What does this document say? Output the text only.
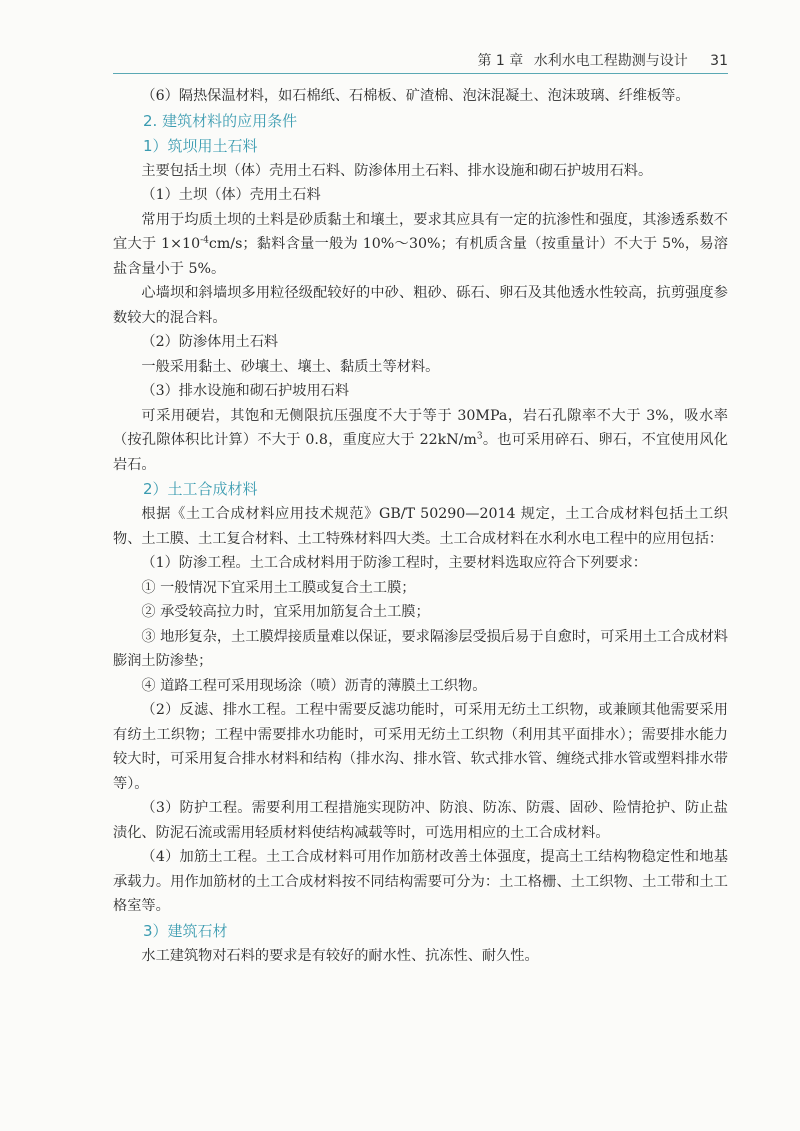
第 1 章 水利水电工程勘测与设计 31

（6）隔热保温材料，如石棉纸、石棉板、矿渣棉、泡沫混凝土、泡沫玻璃、纤维板等。

2. 建筑材料的应用条件
1）筑坝用土石料

主要包括土坝（体）壳用土石料、防渗体用土石料、排水设施和砌石护坡用石料。

（1）土坝（体）壳用土石料

常用于均质土坝的土料是砂质黏土和壤土，要求其应具有一定的抗渗性和强度，其渗透系数不宜大于 $1\times 10^{-4}cm/s$；黏料含量一般为 10%～30%；有机质含量（按重量计）不大于 5%，易溶盐含量小于 5%。

心墙坝和斜墙坝多用粒径级配较好的中砂、粗砂、砾石、卵石及其他透水性较高，抗剪强度参数较大的混合料。

（2）防渗体用土石料

一般采用黏土、砂壤土、壤土、黏质土等材料。

（3）排水设施和砌石护坡用石料

可采用硬岩，其饱和无侧限抗压强度不大于等于 30MPa，岩石孔隙率不大于 3%，吸水率（按孔隙体积比计算）不大于 0.8，重度应大于 $22kN/m^3$。也可采用碎石、卵石，不宜使用风化岩石。

2）土工合成材料

根据《土工合成材料应用技术规范》GB/T 50290—2014 规定，土工合成材料包括土工织物、土工膜、土工复合材料、土工特殊材料四大类。土工合成材料在水利水电工程中的应用包括：

（1）防渗工程。土工合成材料用于防渗工程时，主要材料选取应符合下列要求：

① 一般情况下宜采用土工膜或复合土工膜；

② 承受较高拉力时，宜采用加筋复合土工膜；

③ 地形复杂，土工膜焊接质量难以保证，要求隔渗层受损后易于自愈时，可采用土工合成材料膨润土防渗垫；

④ 道路工程可采用现场涂（喷）沥青的薄膜土工织物。

（2）反滤、排水工程。工程中需要反滤功能时，可采用无纺土工织物，或兼顾其他需要采用有纺土工织物；工程中需要排水功能时，可采用无纺土工织物（利用其平面排水）；需要排水能力较大时，可采用复合排水材料和结构（排水沟、排水管、软式排水管、缠绕式排水管或塑料排水带等）。

（3）防护工程。需要利用工程措施实现防冲、防浪、防冻、防震、固砂、险情抢护、防止盐渍化、防泥石流或需用轻质材料使结构减载等时，可选用相应的土工合成材料。

（4）加筋土工程。土工合成材料可用作加筋材改善土体强度，提高土工结构物稳定性和地基承载力。用作加筋材的土工合成材料按不同结构需要可分为：土工格栅、土工织物、土工带和土工格室等。

3）建筑石材

水工建筑物对石料的要求是有较好的耐水性、抗冻性、耐久性。
